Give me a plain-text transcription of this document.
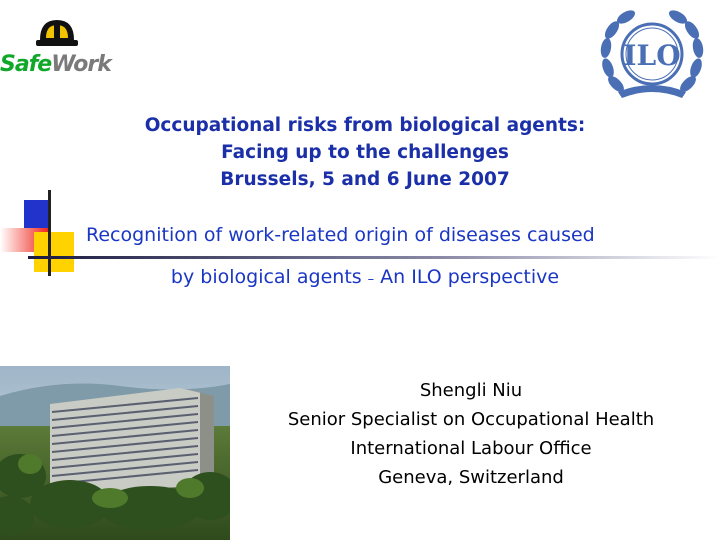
SafeWork	ILO
Occupational risks from biological agents:
Facing up to the challenges
Brussels, 5 and 6 June 2007
Recognition of work-related origin of diseases caused
by biological agents – An ILO perspective
Shengli Niu
Senior Specialist on Occupational Health
International Labour Office
Geneva, Switzerland
